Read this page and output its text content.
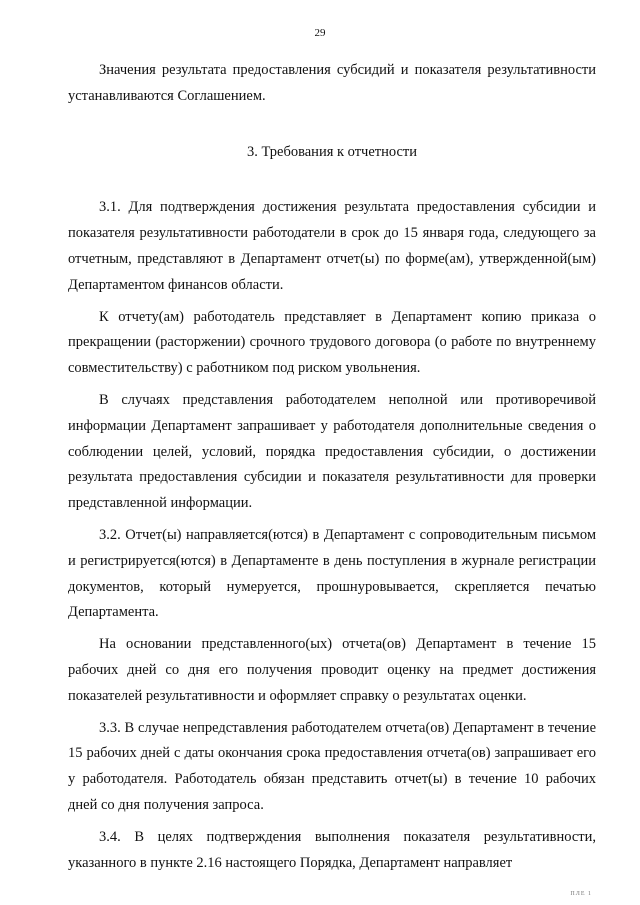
29

Значения результата предоставления субсидий и показателя результативности устанавливаются Соглашением.

3. Требования к отчетности

3.1. Для подтверждения достижения результата предоставления субсидии и показателя результативности работодатели в срок до 15 января года, следующего за отчетным, представляют в Департамент отчет(ы) по форме(ам), утвержденной(ым) Департаментом финансов области.

К отчету(ам) работодатель представляет в Департамент копию приказа о прекращении (расторжении) срочного трудового договора (о работе по внутреннему совместительству) с работником под риском увольнения.

В случаях представления работодателем неполной или противоречивой информации Департамент запрашивает у работодателя дополнительные сведения о соблюдении целей, условий, порядка предоставления субсидии, о достижении результата предоставления субсидии и показателя результативности для проверки представленной информации.

3.2. Отчет(ы) направляется(ются) в Департамент с сопроводительным письмом и регистрируется(ются) в Департаменте в день поступления в журнале регистрации документов, который нумеруется, прошнуровывается, скрепляется печатью Департамента.

На основании представленного(ых) отчета(ов) Департамент в течение 15 рабочих дней со дня его получения проводит оценку на предмет достижения показателей результативности и оформляет справку о результатах оценки.

3.3. В случае непредставления работодателем отчета(ов) Департамент в течение 15 рабочих дней с даты окончания срока предоставления отчета(ов) запрашивает его у работодателя. Работодатель обязан представить отчет(ы) в течение 10 рабочих дней со дня получения запроса.

3.4. В целях подтверждения выполнения показателя результативности, указанного в пункте 2.16 настоящего Порядка, Департамент направляет

ПЛЕ 1
